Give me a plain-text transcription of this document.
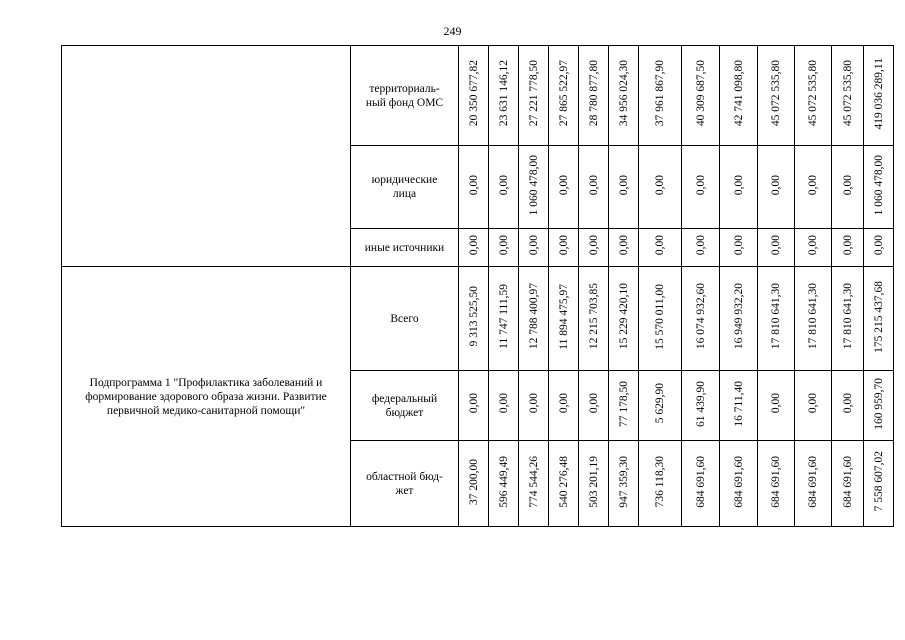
249
	территориаль-
ный фонд ОМС	20 350 677,82	23 631 146,12	27 221 778,50	27 865 522,97	28 780 877,80	34 956 024,30	37 961 867,90	40 309 687,50	42 741 098,80	45 072 535,80	45 072 535,80	45 072 535,80	419 036 289,11
	юридические
лица	0,00	0,00	1 060 478,00	0,00	0,00	0,00	0,00	0,00	0,00	0,00	0,00	0,00	1 060 478,00
	иные источники	0,00	0,00	0,00	0,00	0,00	0,00	0,00	0,00	0,00	0,00	0,00	0,00	0,00
Подпрограмма 1 "Профилактика заболеваний и формирование здорового образа жизни. Развитие первичной медико-санитарной помощи"	Всего	9 313 525,50	11 747 111,59	12 788 400,97	11 894 475,97	12 215 703,85	15 229 420,10	15 570 011,00	16 074 932,60	16 949 932,20	17 810 641,30	17 810 641,30	17 810 641,30	175 215 437,68
	федеральный
бюджет	0,00	0,00	0,00	0,00	0,00	77 178,50	5 629,90	61 439,90	16 711,40	0,00	0,00	0,00	160 959,70
	областной бюд-
жет	37 200,00	596 449,49	774 544,26	540 276,48	503 201,19	947 359,30	736 118,30	684 691,60	684 691,60	684 691,60	684 691,60	684 691,60	7 558 607,02
